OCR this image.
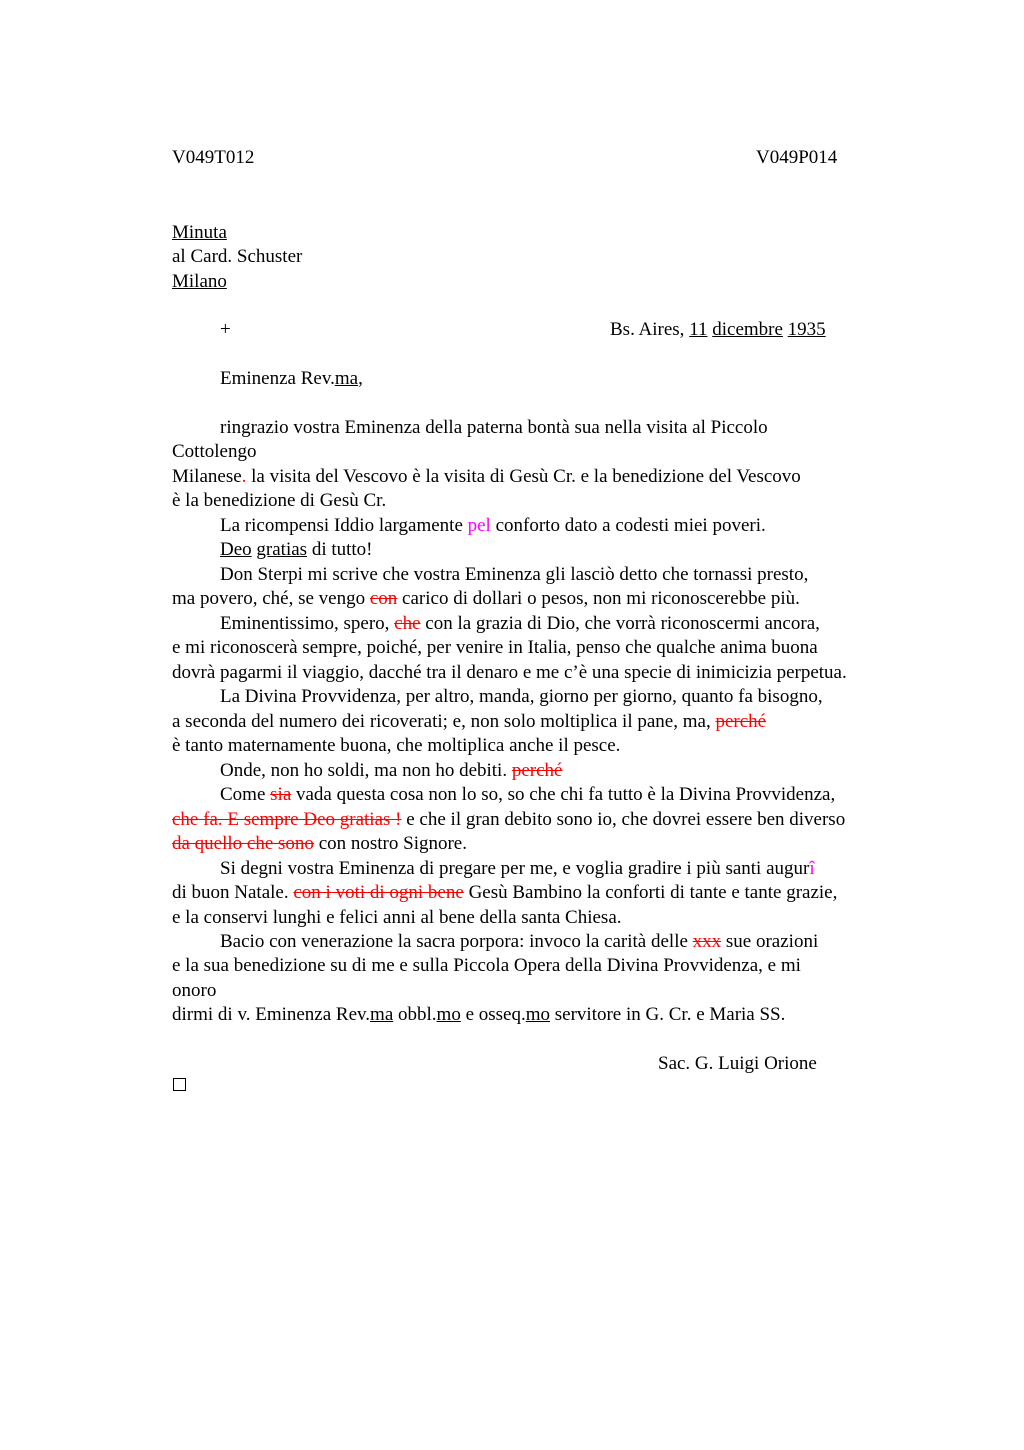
V049T012	V049P014
Minuta
al Card. Schuster
Milano
+	Bs. Aires, 11 dicembre 1935
Eminenza Rev.ma,
ringrazio vostra Eminenza della paterna bontà sua nella visita al Piccolo
Cottolengo
Milanese. la visita del Vescovo è la visita di Gesù Cr. e la benedizione del Vescovo
è la benedizione di Gesù Cr.
La ricompensi Iddio largamente pel conforto dato a codesti miei poveri.
Deo gratias di tutto!
Don Sterpi mi scrive che vostra Eminenza gli lasciò detto che tornassi presto,
ma povero, ché, se vengo con carico di dollari o pesos, non mi riconoscerebbe più.
Eminentissimo, spero, che con la grazia di Dio, che vorrà riconoscermi ancora,
e mi riconoscerà sempre, poiché, per venire in Italia, penso che qualche anima buona
dovrà pagarmi il viaggio, dacché tra il denaro e me c’è una specie di inimicizia perpetua.
La Divina Provvidenza, per altro, manda, giorno per giorno, quanto fa bisogno,
a seconda del numero dei ricoverati; e, non solo moltiplica il pane, ma, perché
è tanto maternamente buona, che moltiplica anche il pesce.
Onde, non ho soldi, ma non ho debiti. perché
Come sia vada questa cosa non lo so, so che chi fa tutto è la Divina Provvidenza,
che fa. E sempre Deo gratias ! e che il gran debito sono io, che dovrei essere ben diverso
da quello che sono con nostro Signore.
Si degni vostra Eminenza di pregare per me, e voglia gradire i più santi augurî
di buon Natale. con i voti di ogni bene Gesù Bambino la conforti di tante e tante grazie,
e la conservi lunghi e felici anni al bene della santa Chiesa.
Bacio con venerazione la sacra porpora: invoco la carità delle xxx sue orazioni
e la sua benedizione su di me e sulla Piccola Opera della Divina Provvidenza, e mi
onoro
dirmi di v. Eminenza Rev.ma obbl.mo e osseq.mo servitore in G. Cr. e Maria SS.
Sac. G. Luigi Orione
